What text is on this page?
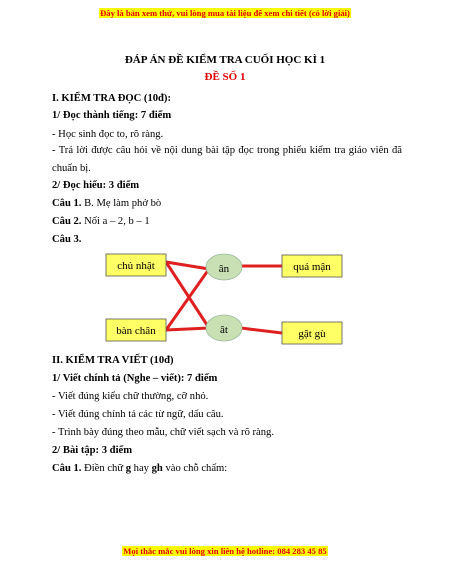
Đây là bản xem thử, vui lòng mua tài liệu để xem chi tiết (có lời giải)
ĐÁP ÁN ĐỀ KIỂM TRA CUỐI HỌC KÌ 1
ĐỀ SỐ 1
I. KIỂM TRA ĐỌC (10đ):
1/ Đọc thành tiếng: 7 điểm
- Học sinh đọc to, rõ ràng.
- Trả lời được câu hỏi về nội dung bài tập đọc trong phiếu kiểm tra giáo viên đã chuẩn bị.
2/ Đọc hiểu: 3 điểm
Câu 1. B. Mẹ làm phở bò
Câu 2. Nối a – 2, b – 1
Câu 3.
chủ nhật
bàn chân
ân
ât
quả mận
gật gù
II. KIỂM TRA VIẾT (10đ)
1/ Viết chính tả (Nghe – viết): 7 điểm
- Viết đúng kiểu chữ thường, cỡ nhỏ.
- Viết đúng chính tả các từ ngữ, dấu câu.
- Trình bày đúng theo mẫu, chữ viết sạch và rõ ràng.
2/ Bài tập: 3 điểm
Câu 1. Điền chữ g hay gh vào chỗ chấm:
Mọi thắc mắc vui lòng xin liên hệ hotline: 084 283 45 85
